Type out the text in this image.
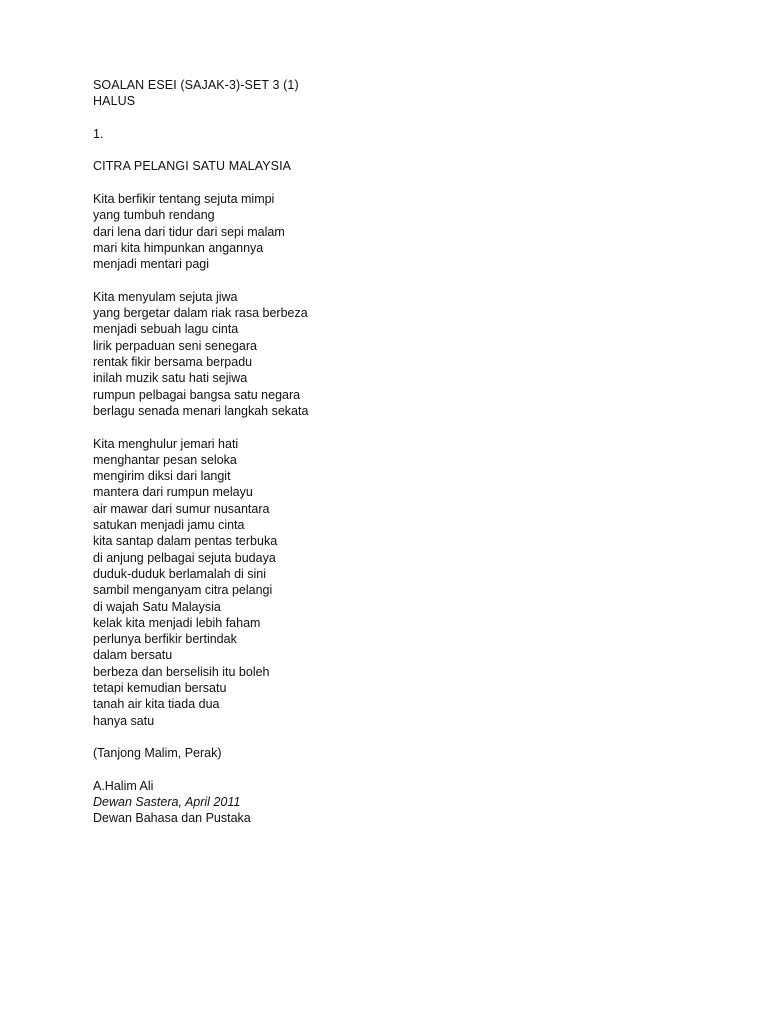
SOALAN ESEI (SAJAK-3)-SET 3 (1)
HALUS
1.
CITRA PELANGI SATU MALAYSIA
Kita berfikir tentang sejuta mimpi
yang tumbuh rendang
dari lena dari tidur dari sepi malam
mari kita himpunkan angannya
menjadi mentari pagi
Kita menyulam sejuta jiwa
yang bergetar dalam riak rasa berbeza
menjadi sebuah lagu cinta
lirik perpaduan seni senegara
rentak fikir bersama berpadu
inilah muzik satu hati sejiwa
rumpun pelbagai bangsa satu negara
berlagu senada menari langkah sekata
Kita menghulur jemari hati
menghantar pesan seloka
mengirim diksi dari langit
mantera dari rumpun melayu
air mawar dari sumur nusantara
satukan menjadi jamu cinta
kita santap dalam pentas terbuka
di anjung pelbagai sejuta budaya
duduk-duduk berlamalah di sini
sambil menganyam citra pelangi
di wajah Satu Malaysia
kelak kita menjadi lebih faham
perlunya berfikir bertindak
dalam bersatu
berbeza dan berselisih itu boleh
tetapi kemudian bersatu
tanah air kita tiada dua
hanya satu
(Tanjong Malim, Perak)
A.Halim Ali
Dewan Sastera, April 2011
Dewan Bahasa dan Pustaka
